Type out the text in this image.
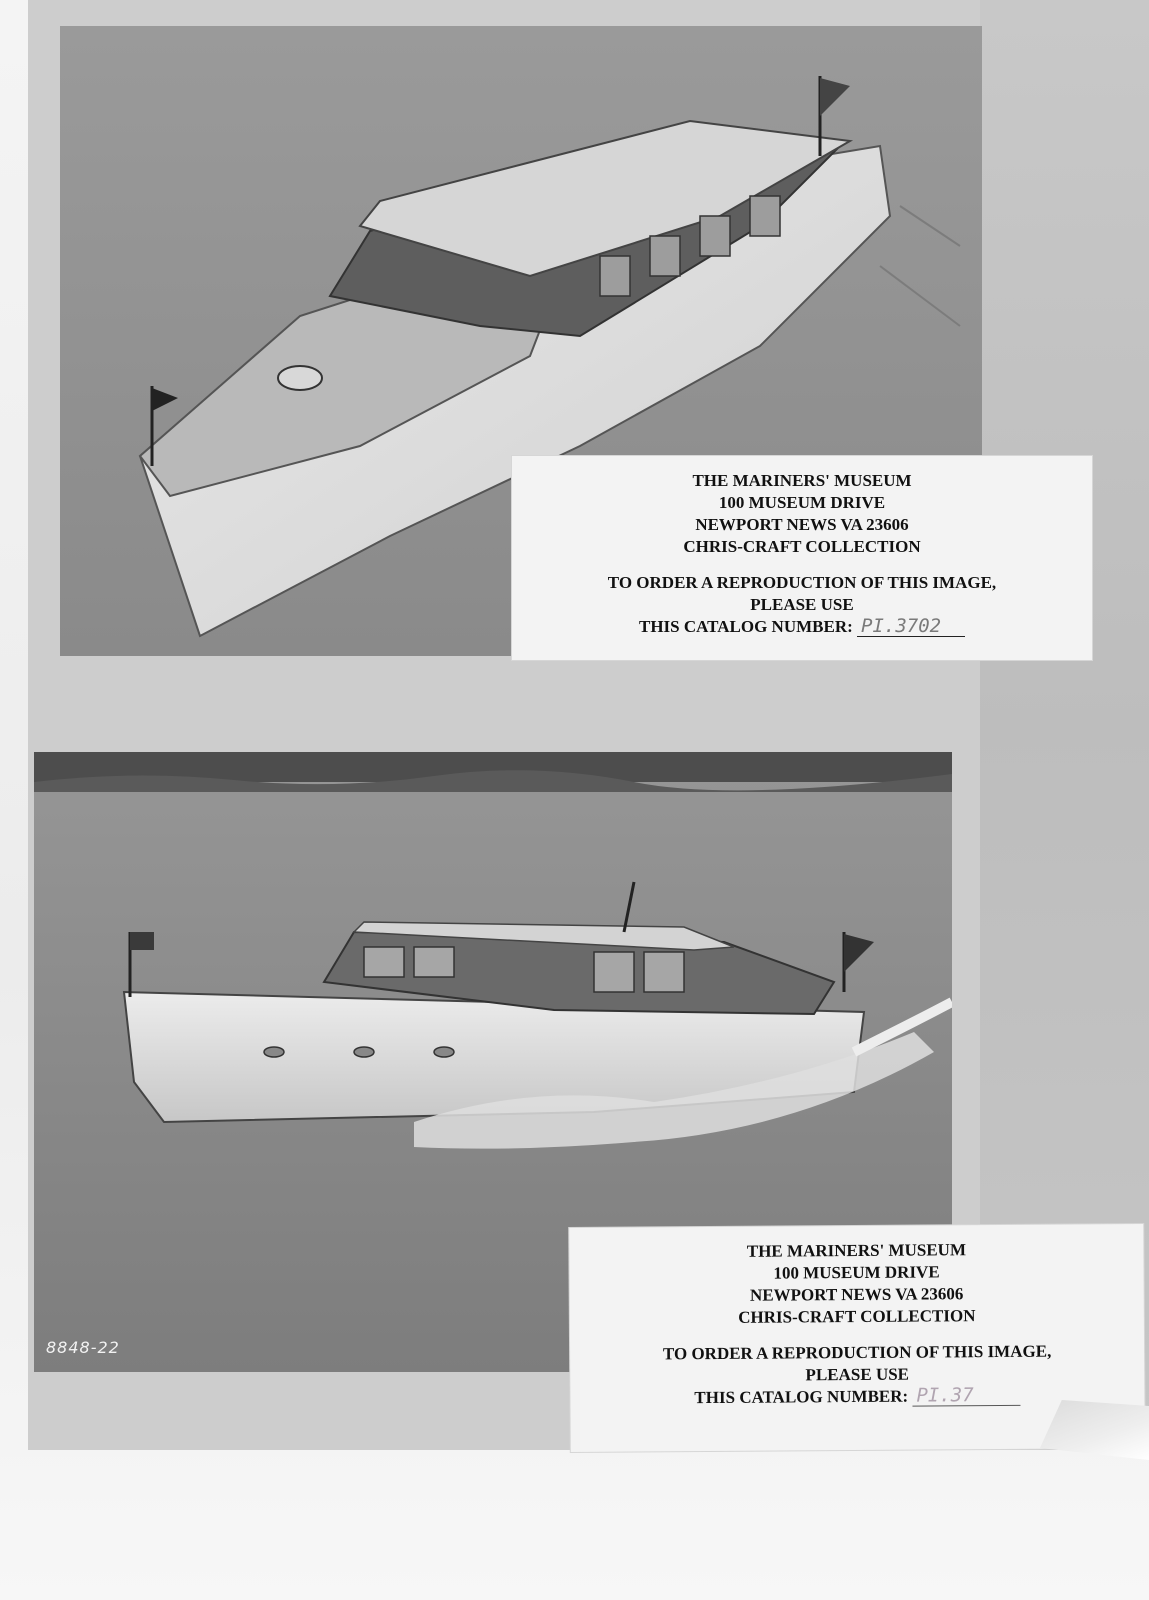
8848-22
THE MARINERS' MUSEUM
100 MUSEUM DRIVE
NEWPORT NEWS VA 23606
CHRIS-CRAFT COLLECTION
TO ORDER A REPRODUCTION OF THIS IMAGE,
PLEASE USE
THIS CATALOG NUMBER: PI.3702
THE MARINERS' MUSEUM
100 MUSEUM DRIVE
NEWPORT NEWS VA 23606
CHRIS-CRAFT COLLECTION
TO ORDER A REPRODUCTION OF THIS IMAGE,
PLEASE USE
THIS CATALOG NUMBER: PI.37
